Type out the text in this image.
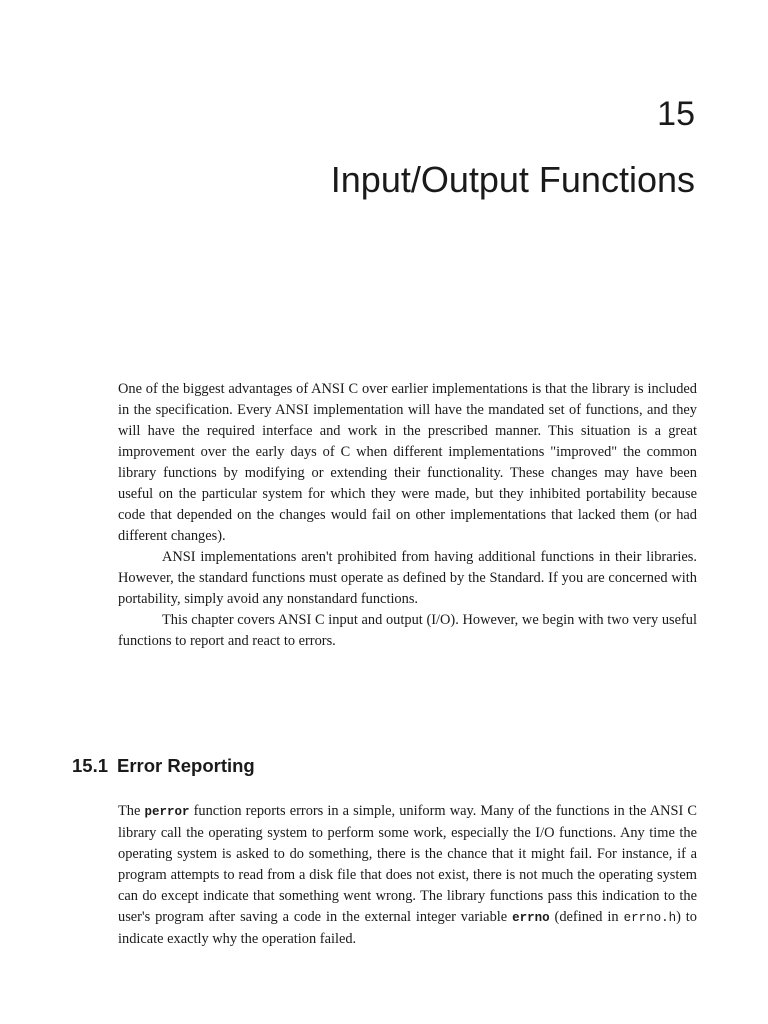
15
Input/Output Functions

One of the biggest advantages of ANSI C over earlier implementations is that the library is included in the specification. Every ANSI implementation will have the mandated set of functions, and they will have the required interface and work in the prescribed manner. This situation is a great improvement over the early days of C when different implementations "improved" the common library functions by modifying or extending their functionality. These changes may have been useful on the particular system for which they were made, but they inhibited portability because code that depended on the changes would fail on other implementations that lacked them (or had different changes).

ANSI implementations aren't prohibited from having additional functions in their libraries. However, the standard functions must operate as defined by the Standard. If you are concerned with portability, simply avoid any nonstandard functions.

This chapter covers ANSI C input and output (I/O). However, we begin with two very useful functions to report and react to errors.

15.1 Error Reporting

The perror function reports errors in a simple, uniform way. Many of the functions in the ANSI C library call the operating system to perform some work, especially the I/O functions. Any time the operating system is asked to do something, there is the chance that it might fail. For instance, if a program attempts to read from a disk file that does not exist, there is not much the operating system can do except indicate that something went wrong. The library functions pass this indication to the user's program after saving a code in the external integer variable errno (defined in errno.h) to indicate exactly why the operation failed.
